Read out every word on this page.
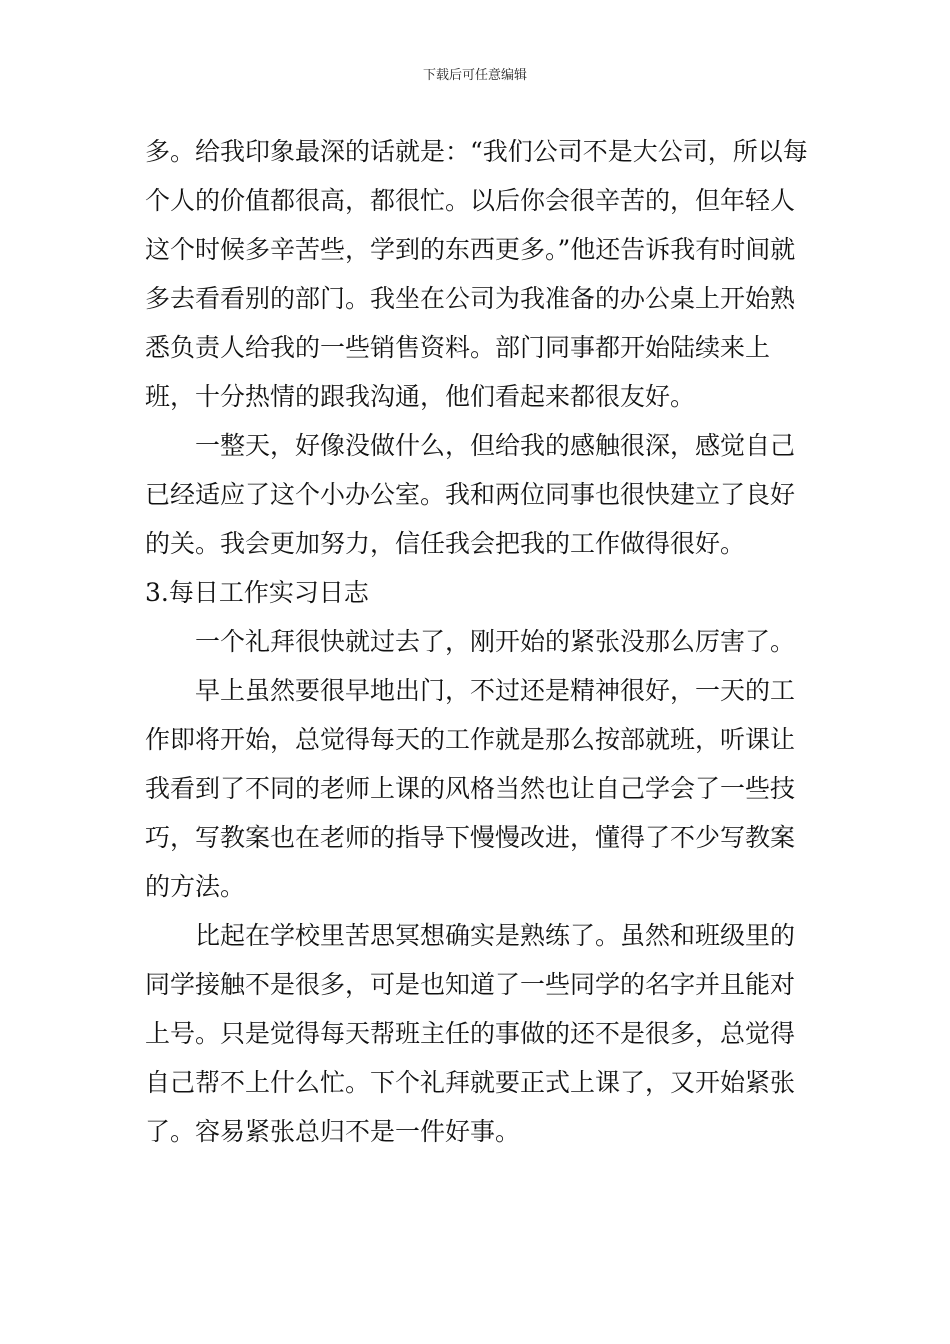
下载后可任意编辑

多。给我印象最深的话就是：“我们公司不是大公司，所以每个人的价值都很高，都很忙。以后你会很辛苦的，但年轻人这个时候多辛苦些，学到的东西更多。”他还告诉我有时间就多去看看别的部门。我坐在公司为我准备的办公桌上开始熟悉负责人给我的一些销售资料。部门同事都开始陆续来上班，十分热情的跟我沟通，他们看起来都很友好。

一整天，好像没做什么，但给我的感触很深，感觉自己已经适应了这个小办公室。我和两位同事也很快建立了良好的关。我会更加努力，信任我会把我的工作做得很好。

3.每日工作实习日志

一个礼拜很快就过去了，刚开始的紧张没那么厉害了。

早上虽然要很早地出门，不过还是精神很好，一天的工作即将开始，总觉得每天的工作就是那么按部就班，听课让我看到了不同的老师上课的风格当然也让自己学会了一些技巧，写教案也在老师的指导下慢慢改进，懂得了不少写教案的方法。

比起在学校里苦思冥想确实是熟练了。虽然和班级里的同学接触不是很多，可是也知道了一些同学的名字并且能对上号。只是觉得每天帮班主任的事做的还不是很多，总觉得自己帮不上什么忙。下个礼拜就要正式上课了，又开始紧张了。容易紧张总归不是一件好事。
